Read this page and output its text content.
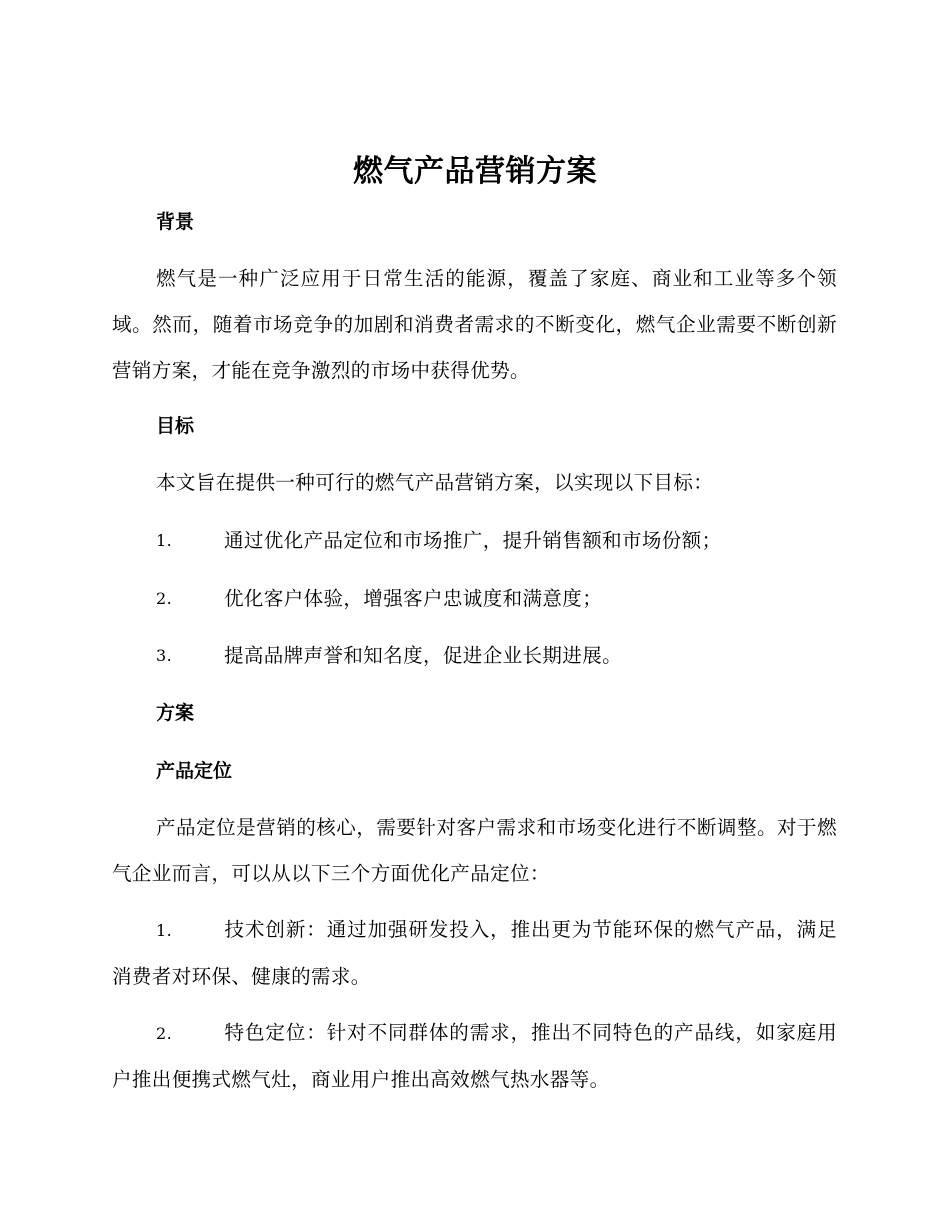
燃气产品营销方案
背景
燃气是一种广泛应用于日常生活的能源，覆盖了家庭、商业和工业等多个领域。然而，随着市场竞争的加剧和消费者需求的不断变化，燃气企业需要不断创新营销方案，才能在竞争激烈的市场中获得优势。
目标
本文旨在提供一种可行的燃气产品营销方案，以实现以下目标：
1.	通过优化产品定位和市场推广，提升销售额和市场份额；
2.	优化客户体验，增强客户忠诚度和满意度；
3.	提高品牌声誉和知名度，促进企业长期进展。
方案
产品定位
产品定位是营销的核心，需要针对客户需求和市场变化进行不断调整。对于燃气企业而言，可以从以下三个方面优化产品定位：
1.	技术创新：通过加强研发投入，推出更为节能环保的燃气产品，满足消费者对环保、健康的需求。
2.	特色定位：针对不同群体的需求，推出不同特色的产品线，如家庭用户推出便携式燃气灶，商业用户推出高效燃气热水器等。
